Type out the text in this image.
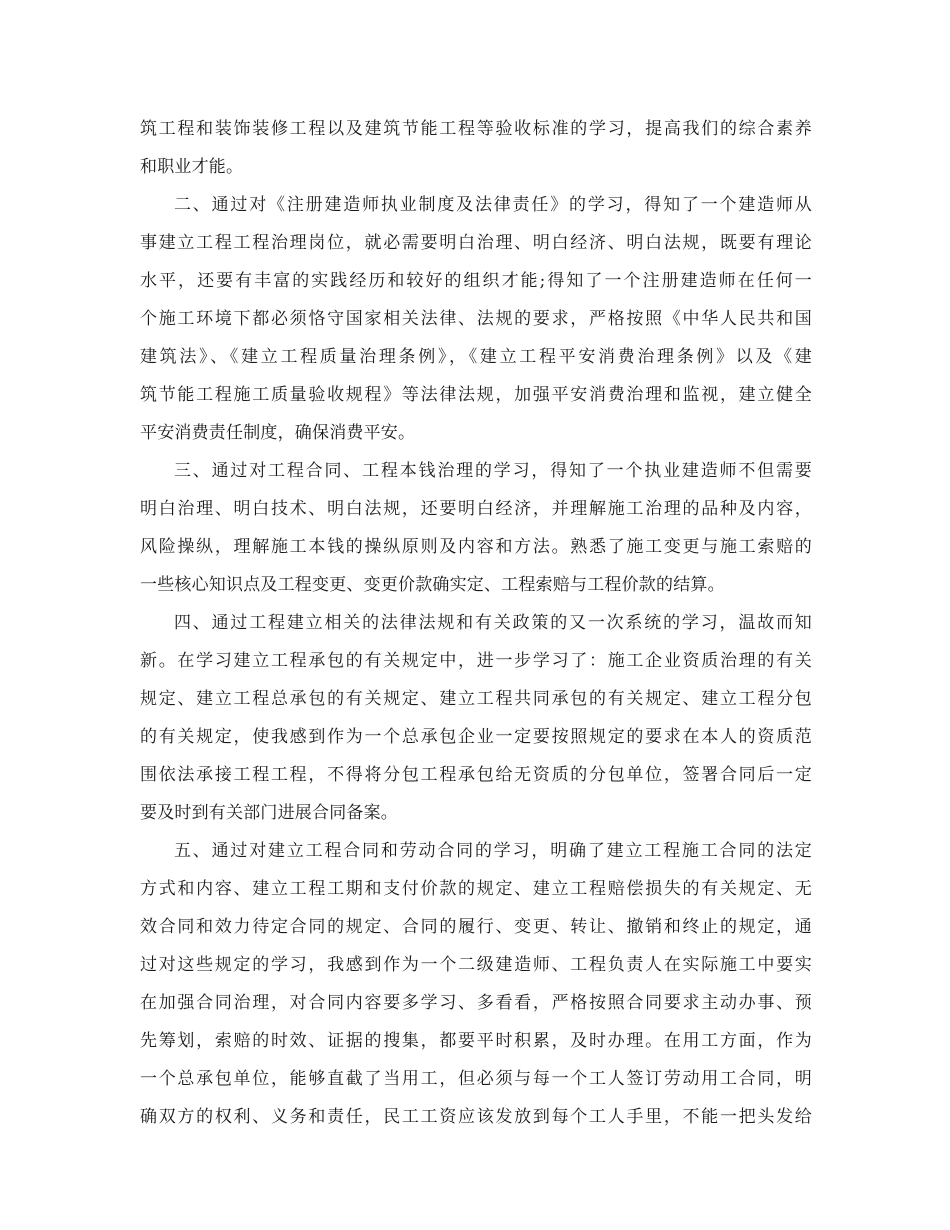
筑工程和装饰装修工程以及建筑节能工程等验收标准的学习，提高我们的综合素养
和职业才能。
二、通过对《注册建造师执业制度及法律责任》的学习，得知了一个建造师从
事建立工程工程治理岗位，就必需要明白治理、明白经济、明白法规，既要有理论
水平，还要有丰富的实践经历和较好的组织才能;得知了一个注册建造师在任何一
个施工环境下都必须恪守国家相关法律、法规的要求，严格按照《中华人民共和国
建筑法》、《建立工程质量治理条例》，《建立工程平安消费治理条例》以及《建
筑节能工程施工质量验收规程》等法律法规，加强平安消费治理和监视，建立健全
平安消费责任制度，确保消费平安。
三、通过对工程合同、工程本钱治理的学习，得知了一个执业建造师不但需要
明白治理、明白技术、明白法规，还要明白经济，并理解施工治理的品种及内容，
风险操纵，理解施工本钱的操纵原则及内容和方法。熟悉了施工变更与施工索赔的
一些核心知识点及工程变更、变更价款确实定、工程索赔与工程价款的结算。
四、通过工程建立相关的法律法规和有关政策的又一次系统的学习，温故而知
新。在学习建立工程承包的有关规定中，进一步学习了：施工企业资质治理的有关
规定、建立工程总承包的有关规定、建立工程共同承包的有关规定、建立工程分包
的有关规定，使我感到作为一个总承包企业一定要按照规定的要求在本人的资质范
围依法承接工程工程，不得将分包工程承包给无资质的分包单位，签署合同后一定
要及时到有关部门进展合同备案。
五、通过对建立工程合同和劳动合同的学习，明确了建立工程施工合同的法定
方式和内容、建立工程工期和支付价款的规定、建立工程赔偿损失的有关规定、无
效合同和效力待定合同的规定、合同的履行、变更、转让、撤销和终止的规定，通
过对这些规定的学习，我感到作为一个二级建造师、工程负责人在实际施工中要实
在加强合同治理，对合同内容要多学习、多看看，严格按照合同要求主动办事、预
先筹划，索赔的时效、证据的搜集，都要平时积累，及时办理。在用工方面，作为
一个总承包单位，能够直截了当用工，但必须与每一个工人签订劳动用工合同，明
确双方的权利、义务和责任，民工工资应该发放到每个工人手里，不能一把头发给
